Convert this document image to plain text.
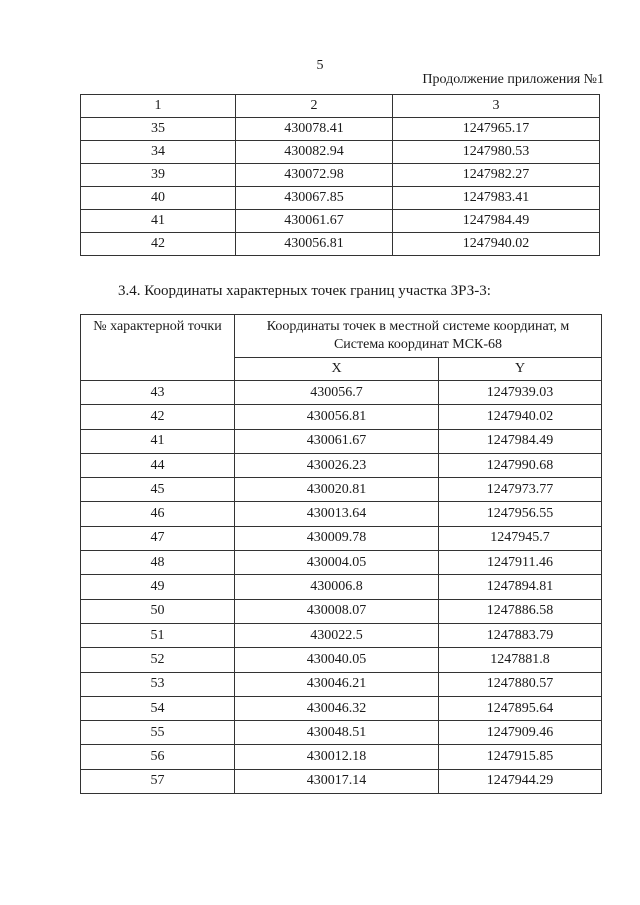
5
Продолжение приложения №1
1	2	3
35	430078.41	1247965.17
34	430082.94	1247980.53
39	430072.98	1247982.27
40	430067.85	1247983.41
41	430061.67	1247984.49
42	430056.81	1247940.02
3.4. Координаты характерных точек границ участка ЗРЗ-3:
№ характерной точки	Координаты точек в местной системе координат, м
Система координат МСК-68	
	X	Y
43	430056.7	1247939.03
42	430056.81	1247940.02
41	430061.67	1247984.49
44	430026.23	1247990.68
45	430020.81	1247973.77
46	430013.64	1247956.55
47	430009.78	1247945.7
48	430004.05	1247911.46
49	430006.8	1247894.81
50	430008.07	1247886.58
51	430022.5	1247883.79
52	430040.05	1247881.8
53	430046.21	1247880.57
54	430046.32	1247895.64
55	430048.51	1247909.46
56	430012.18	1247915.85
57	430017.14	1247944.29
